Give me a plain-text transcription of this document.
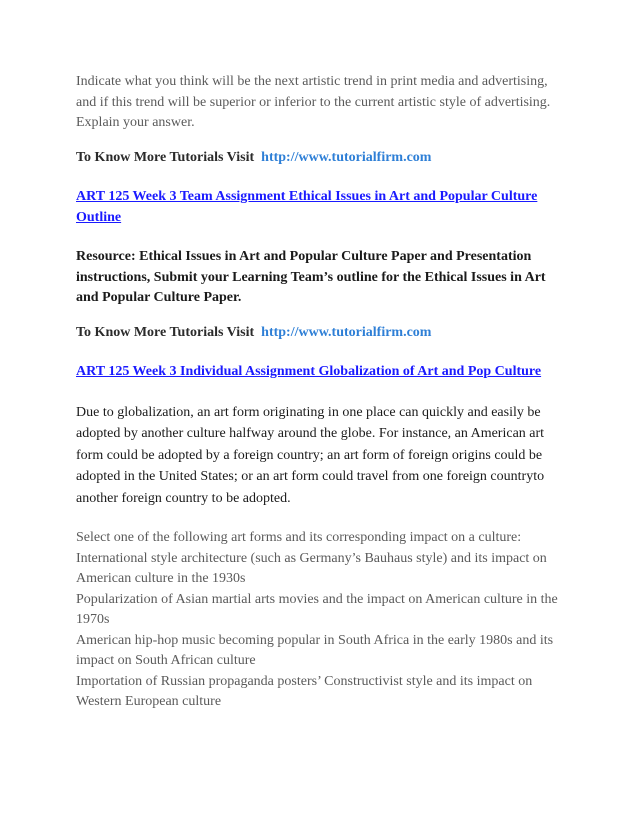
Indicate what you think will be the next artistic trend in print media and advertising, and if this trend will be superior or inferior to the current artistic style of advertising. Explain your answer.

To Know More Tutorials Visit http://www.tutorialfirm.com

ART 125 Week 3 Team Assignment Ethical Issues in Art and Popular Culture Outline

Resource: Ethical Issues in Art and Popular Culture Paper and Presentation instructions, Submit your Learning Team’s outline for the Ethical Issues in Art and Popular Culture Paper.

To Know More Tutorials Visit http://www.tutorialfirm.com

ART 125 Week 3 Individual Assignment Globalization of Art and Pop Culture

Due to globalization, an art form originating in one place can quickly and easily be adopted by another culture halfway around the globe. For instance, an American art form could be adopted by a foreign country; an art form of foreign origins could be adopted in the United States; or an art form could travel from one foreign countryto another foreign country to be adopted.

Select one of the following art forms and its corresponding impact on a culture:

International style architecture (such as Germany’s Bauhaus style) and its impact on American culture in the 1930s

Popularization of Asian martial arts movies and the impact on American culture in the 1970s

American hip-hop music becoming popular in South Africa in the early 1980s and its impact on South African culture

Importation of Russian propaganda posters’ Constructivist style and its impact on Western European culture
